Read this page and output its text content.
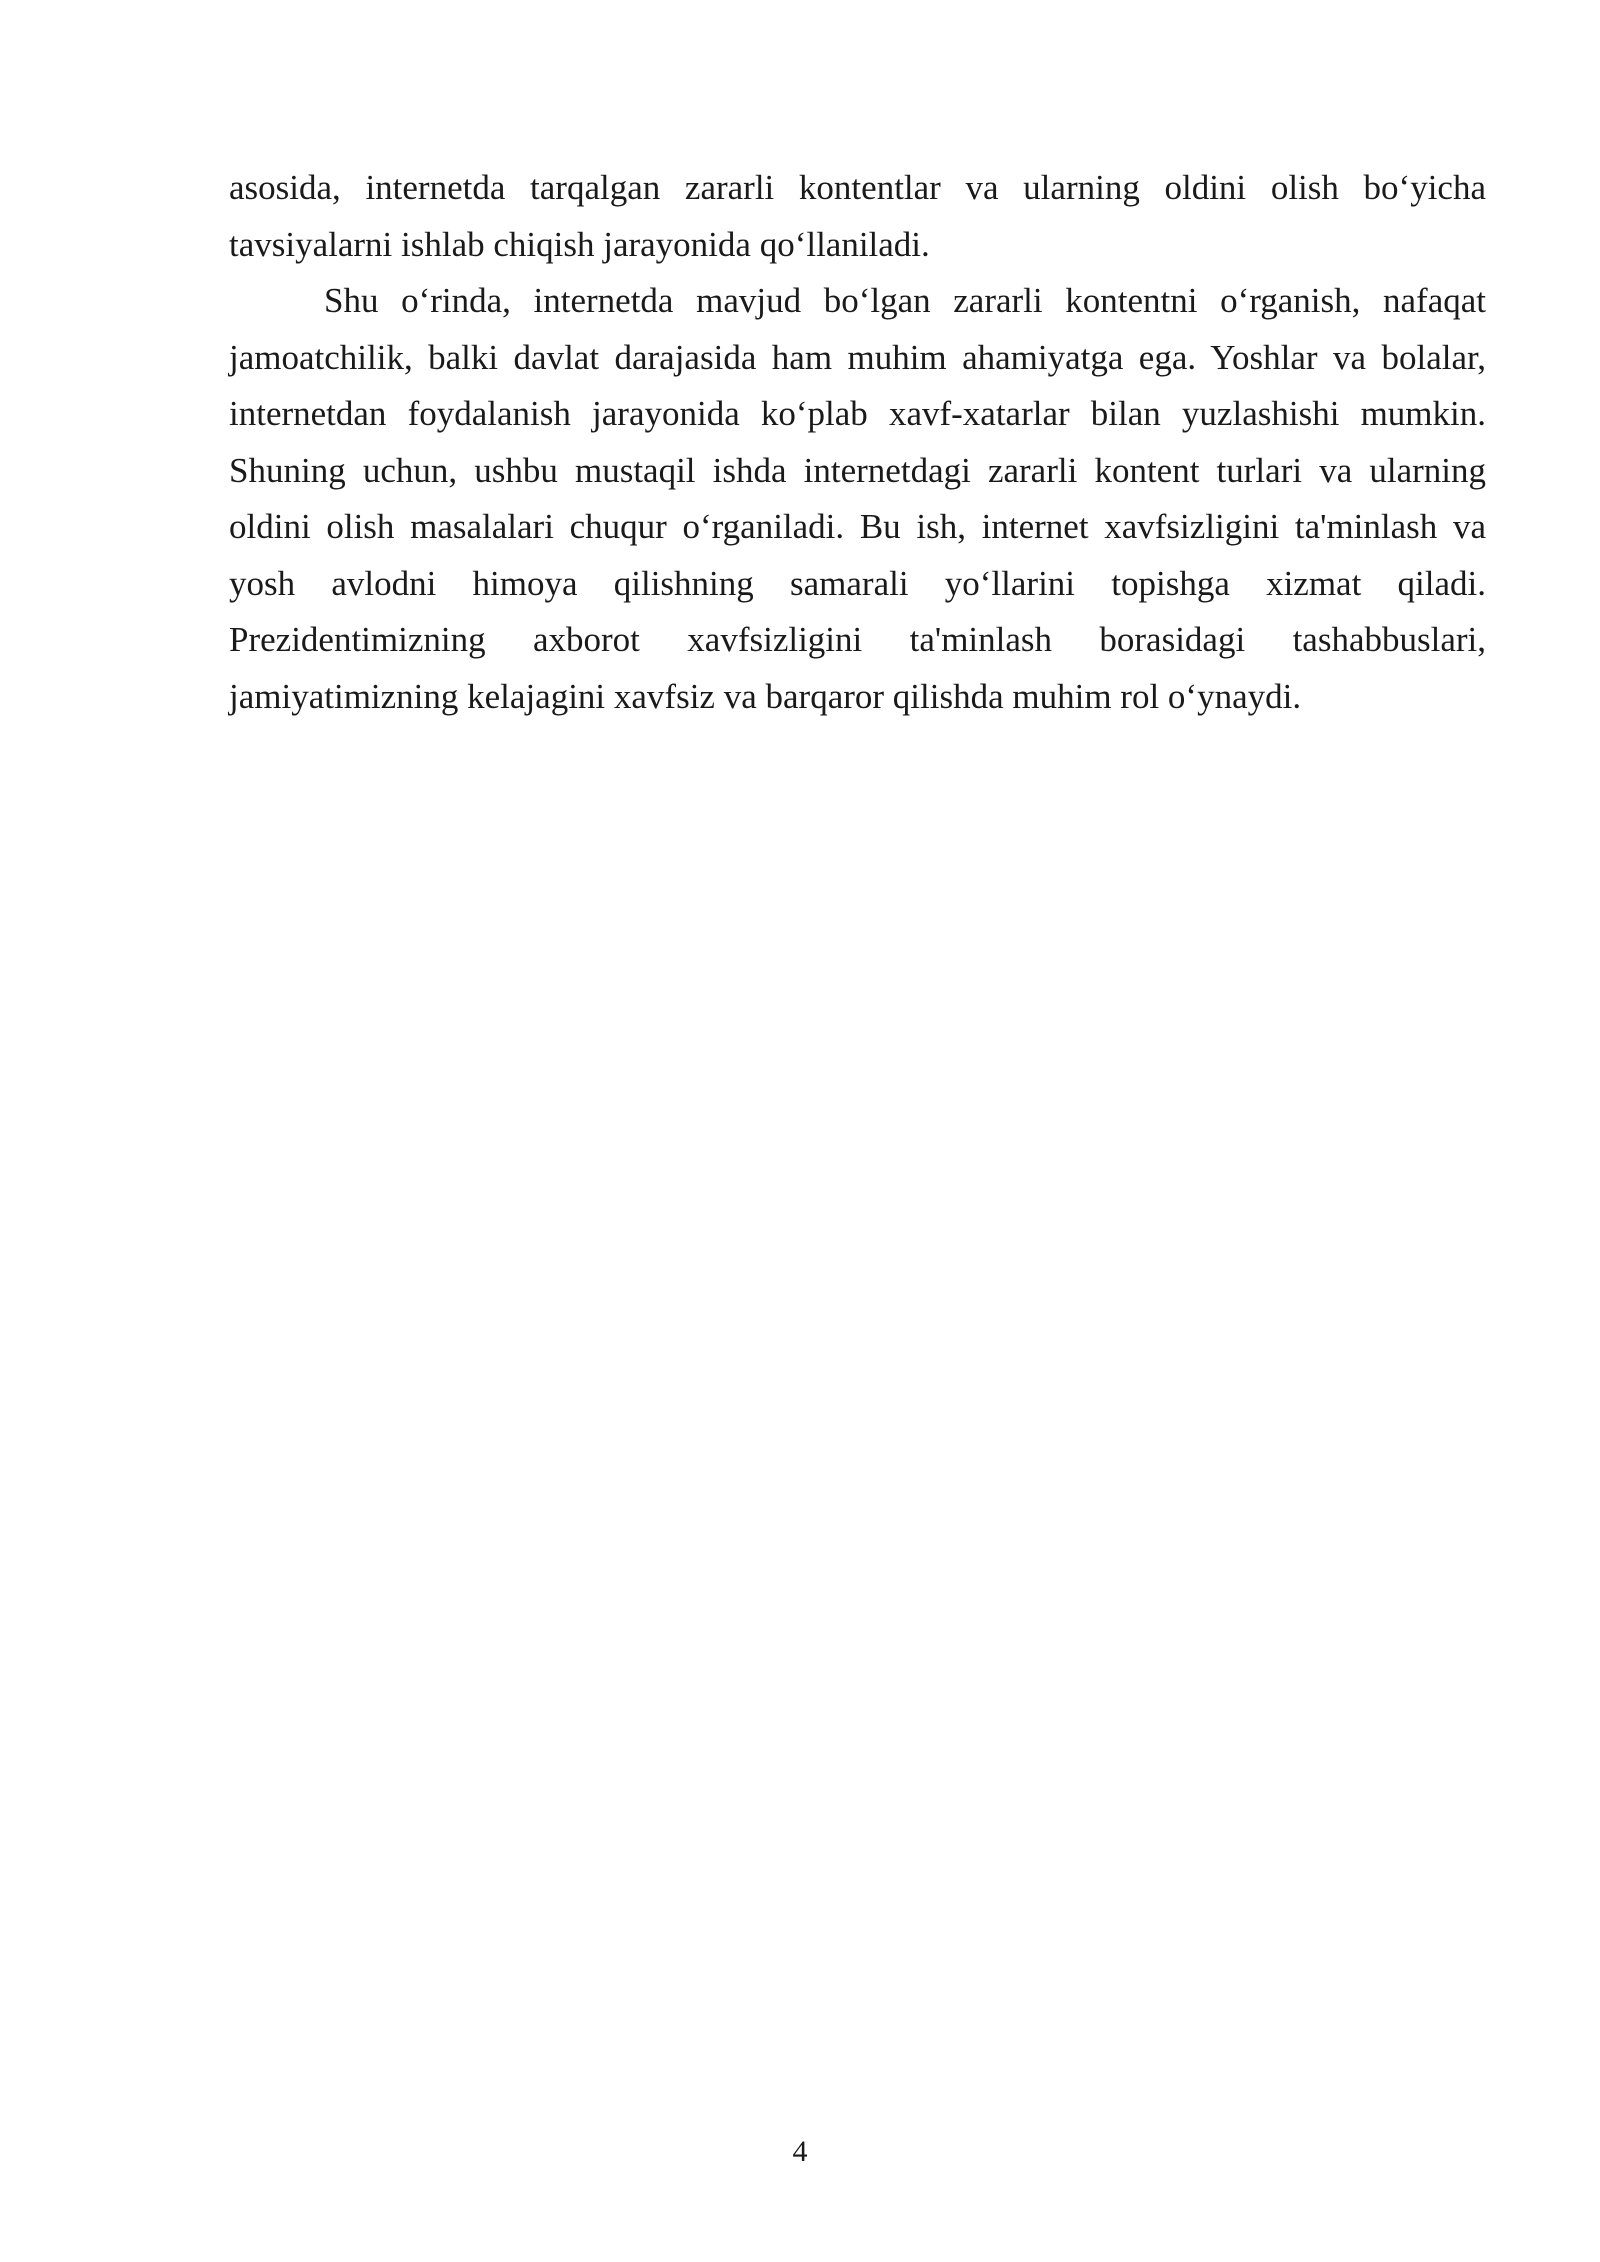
asosida, internetda tarqalgan zararli kontentlar va ularning oldini olish bo‘yicha tavsiyalarni ishlab chiqish jarayonida qo‘llaniladi.

Shu o‘rinda, internetda mavjud bo‘lgan zararli kontentni o‘rganish, nafaqat jamoatchilik, balki davlat darajasida ham muhim ahamiyatga ega. Yoshlar va bolalar, internetdan foydalanish jarayonida ko‘plab xavf-xatarlar bilan yuzlashishi mumkin. Shuning uchun, ushbu mustaqil ishda internetdagi zararli kontent turlari va ularning oldini olish masalalari chuqur o‘rganiladi. Bu ish, internet xavfsizligini ta'minlash va yosh avlodni himoya qilishning samarali yo‘llarini topishga xizmat qiladi. Prezidentimizning axborot xavfsizligini ta'minlash borasidagi tashabbuslari, jamiyatimizning kelajagini xavfsiz va barqaror qilishda muhim rol o‘ynaydi.

4
